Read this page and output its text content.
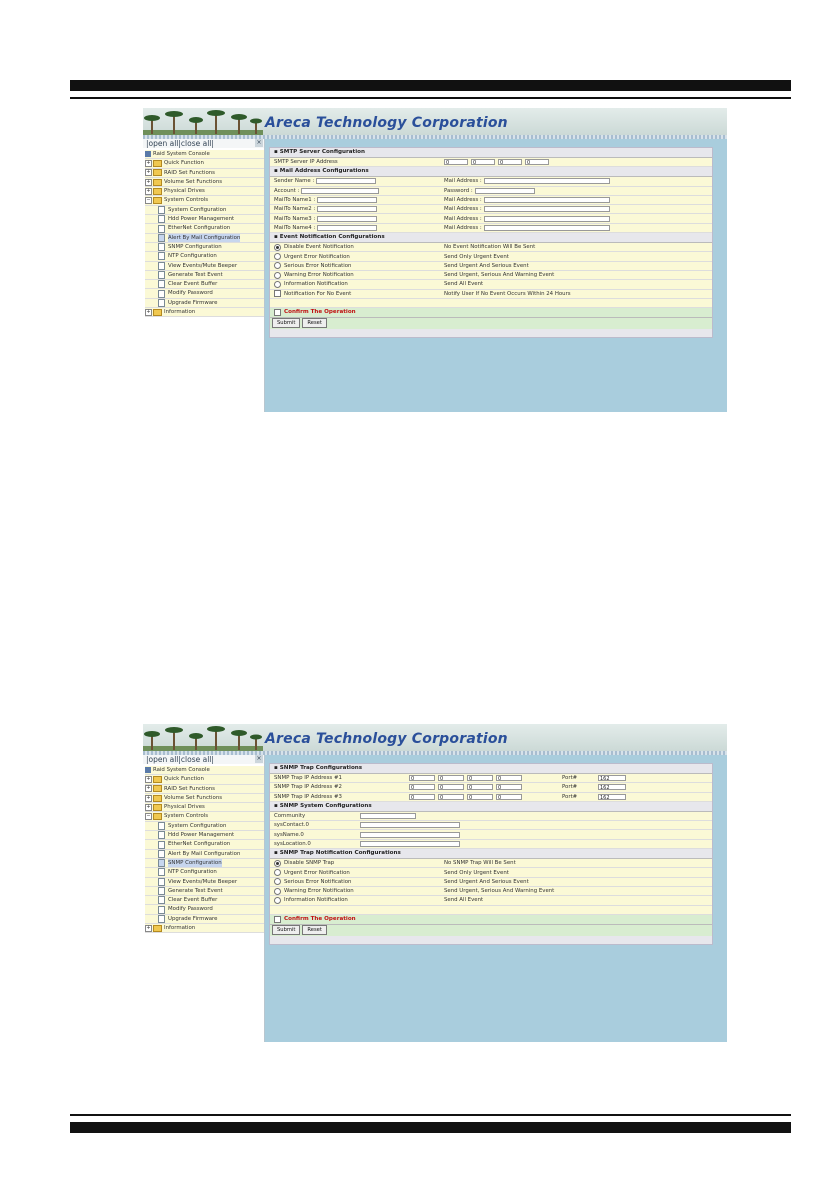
Areca Technology Corporation
|open all|close all|	×
Raid System Console
+ Quick Function
+ RAID Set Functions
+ Volume Set Functions
+ Physical Drives
− System Controls
System Configuration
Hdd Power Management
EtherNet Configuration
Alert By Mail Configuration
SNMP Configuration
NTP Configuration
View Events/Mute Beeper
Generate Test Event
Clear Event Buffer
Modify Password
Upgrade Firmware
+ Information
▪ SMTP Server Configuration
SMTP Server IP Address	0	0	0	0
▪ Mail Address Configurations
Sender Name :	Mail Address :
Account :	Password :
MailTo Name1 :	Mail Address :
MailTo Name2 :	Mail Address :
MailTo Name3 :	Mail Address :
MailTo Name4 :	Mail Address :
▪ Event Notification Configurations
Disable Event Notification	No Event Notification Will Be Sent
Urgent Error Notification	Send Only Urgent Event
Serious Error Notification	Send Urgent And Serious Event
Warning Error Notification	Send Urgent, Serious And Warning Event
Information Notification	Send All Event
Notification For No Event	Notify User If No Event Occurs Within 24 Hours
Confirm The Operation
Submit	Reset
Areca Technology Corporation
|open all|close all|	×
Raid System Console
+ Quick Function
+ RAID Set Functions
+ Volume Set Functions
+ Physical Drives
− System Controls
System Configuration
Hdd Power Management
EtherNet Configuration
Alert By Mail Configuration
SNMP Configuration
NTP Configuration
View Events/Mute Beeper
Generate Test Event
Clear Event Buffer
Modify Password
Upgrade Firmware
+ Information
▪ SNMP Trap Configurations
SNMP Trap IP Address #1	0	0	0	0	Port#	162
SNMP Trap IP Address #2	0	0	0	0	Port#	162
SNMP Trap IP Address #3	0	0	0	0	Port#	162
▪ SNMP System Configurations
Community
sysContact.0
sysName.0
sysLocation.0
▪ SNMP Trap Notification Configurations
Disable SNMP Trap	No SNMP Trap Will Be Sent
Urgent Error Notification	Send Only Urgent Event
Serious Error Notification	Send Urgent And Serious Event
Warning Error Notification	Send Urgent, Serious And Warning Event
Information Notification	Send All Event
Confirm The Operation
Submit	Reset
